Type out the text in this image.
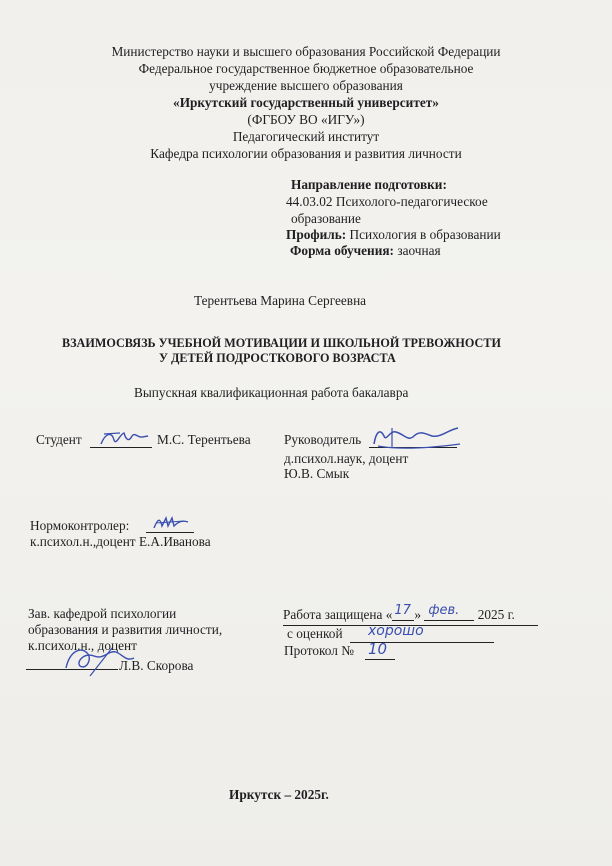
Министерство науки и высшего образования Российской Федерации
Федеральное государственное бюджетное образовательное
учреждение высшего образования
«Иркутский государственный университет»
(ФГБОУ ВО «ИГУ»)
Педагогический институт
Кафедра психологии образования и развития личности
Направление подготовки:
44.03.02 Психолого-педагогическое
образование
Профиль: Психология в образовании
Форма обучения: заочная
Терентьева Марина Сергеевна
ВЗАИМОСВЯЗЬ УЧЕБНОЙ МОТИВАЦИИ И ШКОЛЬНОЙ ТРЕВОЖНОСТИ
У ДЕТЕЙ ПОДРОСТКОВОГО ВОЗРАСТА
Выпускная квалификационная работа бакалавра
Студент	М.С. Терентьева	Руководитель
д.психол.наук, доцент
Ю.В. Смык
Нормоконтролер:
к.психол.н.,доцент Е.А.Иванова
Зав. кафедрой психологии
образования и развития личности,
к.психол.н., доцент
Л.В. Скорова
Работа защищена « 17 » фев. 2025 г.
с оценкой хорошо
Протокол № 10
Иркутск – 2025г.
